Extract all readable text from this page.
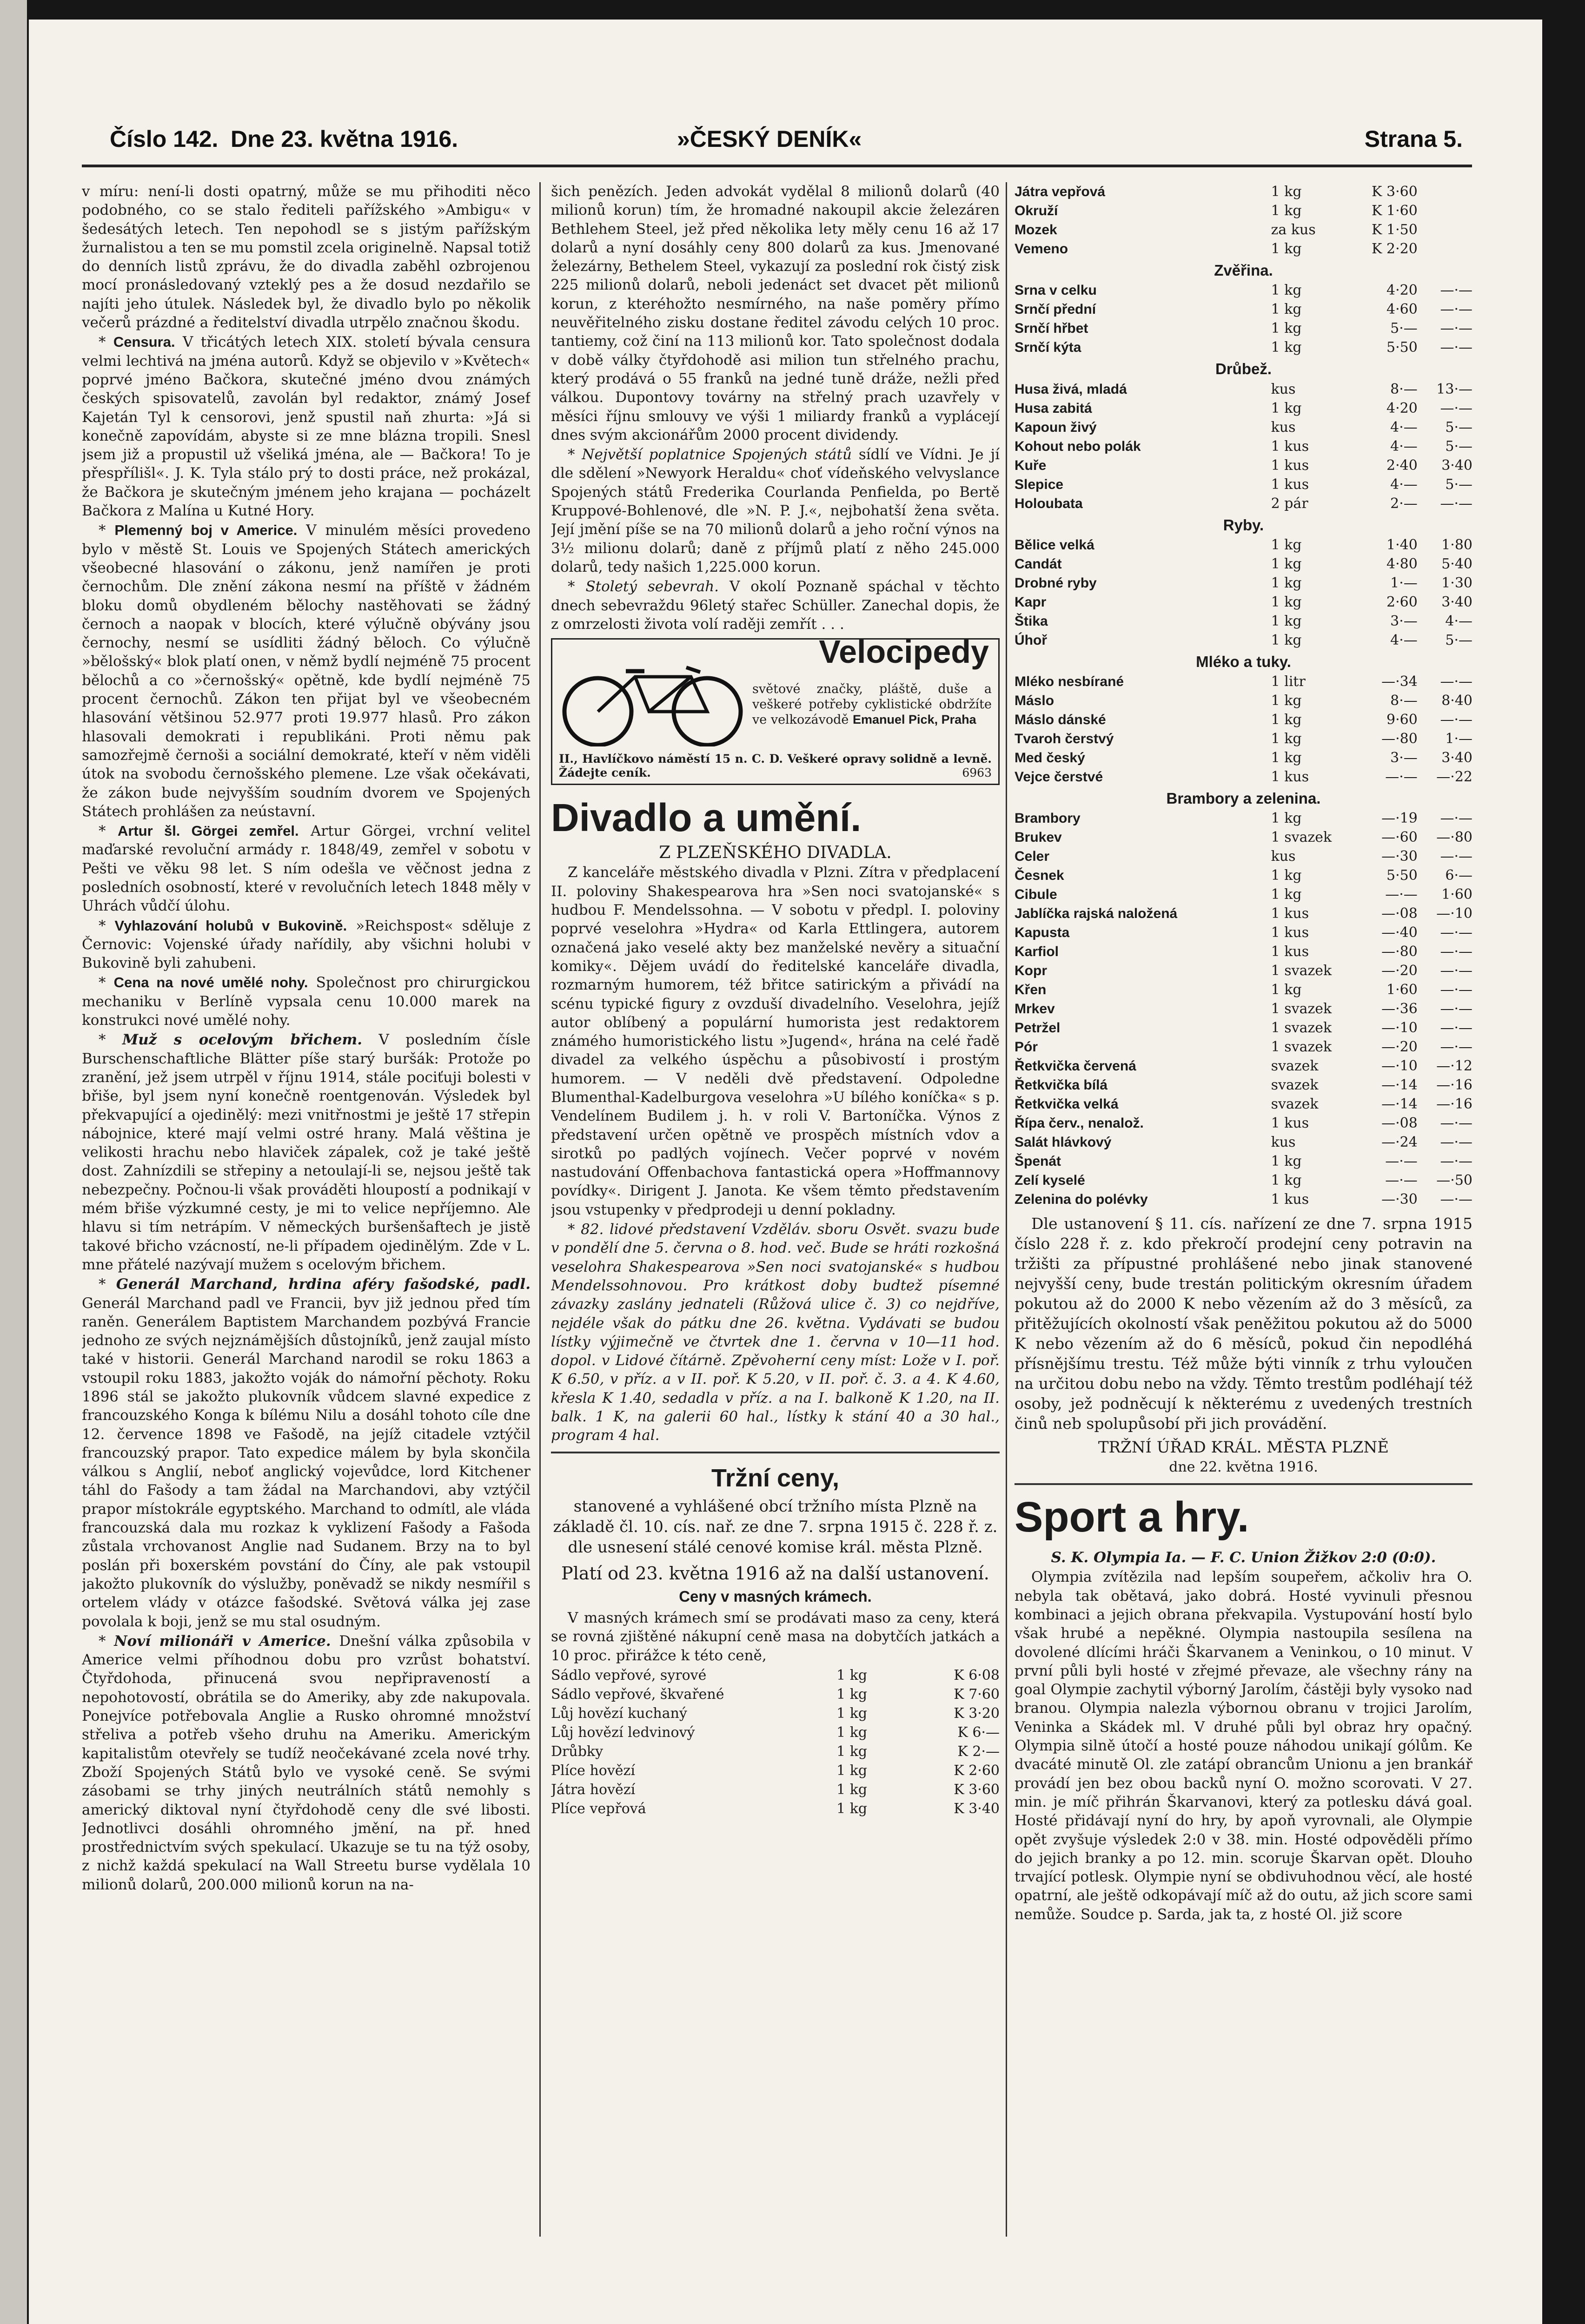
Číslo 142. Dne 23. května 1916.	»ČESKÝ DENÍK«	Strana 5.

v míru: není-li dosti opatrný, může se mu přihoditi něco podobného, co se stalo řediteli pařížského »Ambigu« v šedesátých letech. Ten nepohodl se s jistým pařížským žurnalistou a ten se mu pomstil zcela originelně. Napsal totiž do denních listů zprávu, že do divadla zaběhl ozbrojenou mocí pronásledovaný vzteklý pes a že dosud nezdařilo se najíti jeho útulek. Následek byl, že divadlo bylo po několik večerů prázdné a ředitelství divadla utrpělo značnou škodu.

* Censura. V třicátých letech XIX. století bývala censura velmi lechtivá na jména autorů. Když se objevilo v »Květech« poprvé jméno Bačkora, skutečné jméno dvou známých českých spisovatelů, zavolán byl redaktor, známý Josef Kajetán Tyl k censorovi, jenž spustil naň zhurta: »Já si konečně zapovídám, abyste si ze mne blázna tropili. Snesl jsem již a propustil už všeliká jména, ale — Bačkora! To je přespřílišl«. J. K. Tyla stálo prý to dosti práce, než prokázal, že Bačkora je skutečným jménem jeho krajana — pocházelt Bačkora z Malína u Kutné Hory.

* Plemenný boj v Americe. V minulém měsíci provedeno bylo v městě St. Louis ve Spojených Státech amerických všeobecné hlasování o zákonu, jenž namířen je proti černochům. Dle znění zákona nesmí na příště v žádném bloku domů obydleném bělochy nastěhovati se žádný černoch a naopak v blocích, které výlučně obývány jsou černochy, nesmí se usídliti žádný běloch. Co výlučně »bělošský« blok platí onen, v němž bydlí nejméně 75 procent bělochů a co »černošský« opětně, kde bydlí nejméně 75 procent černochů. Zákon ten přijat byl ve všeobecném hlasování většinou 52.977 proti 19.977 hlasů. Pro zákon hlasovali demokrati i republikáni. Proti němu pak samozřejmě černoši a sociální demokraté, kteří v něm viděli útok na svobodu černošského plemene. Lze však očekávati, že zákon bude nejvyšším soudním dvorem ve Spojených Státech prohlášen za neústavní.

* Artur šl. Görgei zemřel. Artur Görgei, vrchní velitel maďarské revoluční armády r. 1848/49, zemřel v sobotu v Pešti ve věku 98 let. S ním odešla ve věčnost jedna z posledních osobností, které v revolučních letech 1848 měly v Uhrách vůdčí úlohu.

* Vyhlazování holubů v Bukovině. »Reichspost« sděluje z Černovic: Vojenské úřady nařídily, aby všichni holubi v Bukovině byli zahubeni.

* Cena na nové umělé nohy. Společnost pro chirurgickou mechaniku v Berlíně vypsala cenu 10.000 marek na konstrukci nové umělé nohy.

* Muž s ocelovým břichem. V posledním čísle Burschenschaftliche Blätter píše starý buršák: Protože po zranění, jež jsem utrpěl v říjnu 1914, stále pociťuji bolesti v břiše, byl jsem nyní konečně roentgenován. Výsledek byl překvapující a ojedinělý: mezi vnitřnostmi je ještě 17 střepin nábojnice, které mají velmi ostré hrany. Malá věština je velikosti hrachu nebo hlaviček zápalek, což je také ještě dost. Zahnízdili se střepiny a netoulají-li se, nejsou ještě tak nebezpečny. Počnou-li však prováděti hloupostí a podnikají v mém břiše výzkumné cesty, je mi to velice nepříjemno. Ale hlavu si tím netrápím. V německých buršenšaftech je jistě takové břicho vzácností, ne-li případem ojedinělým. Zde v L. mne přátelé nazývají mužem s ocelovým břichem.

* Generál Marchand, hrdina aféry fašodské, padl. Generál Marchand padl ve Francii, byv již jednou před tím raněn. Generálem Baptistem Marchandem pozbývá Francie jednoho ze svých nejznámějších důstojníků, jenž zaujal místo také v historii. Generál Marchand narodil se roku 1863 a vstoupil roku 1883, jakožto voják do námořní pěchoty. Roku 1896 stál se jakožto plukovník vůdcem slavné expedice z francouzského Konga k bílému Nilu a dosáhl tohoto cíle dne 12. července 1898 ve Fašodě, na jejíž citadele vztýčil francouzský prapor. Tato expedice málem by byla skončila válkou s Anglií, neboť anglický vojevůdce, lord Kitchener táhl do Fašody a tam žádal na Marchandovi, aby vztýčil prapor místokrále egyptského. Marchand to odmítl, ale vláda francouzská dala mu rozkaz k vyklizení Fašody a Fašoda zůstala vrchovanost Anglie nad Sudanem. Brzy na to byl poslán při boxerském povstání do Číny, ale pak vstoupil jakožto plukovník do výslužby, poněvadž se nikdy nesmířil s ortelem vlády v otázce fašodské. Světová válka jej zase povolala k boji, jenž se mu stal osudným.

* Noví milionáři v Americe. Dnešní válka způsobila v Americe velmi příhodnou dobu pro vzrůst bohatství. Čtyřdohoda, přinucená svou nepřipraveností a nepohotovostí, obrátila se do Ameriky, aby zde nakupovala. Ponejvíce potřebovala Anglie a Rusko ohromné množství střeliva a potřeb všeho druhu na Ameriku. Americkým kapitalistům otevřely se tudíž neočekávané zcela nové trhy. Zboží Spojených Států bylo ve vysoké ceně. Se svými zásobami se trhy jiných neutrálních států nemohly s americký diktoval nyní čtyřdohodě ceny dle své libosti. Jednotlivci dosáhli ohromného jmění, na př. hned prostřednictvím svých spekulací. Ukazuje se tu na týž osoby, z nichž každá spekulací na Wall Streetu burse vydělala 10 milionů dolarů, 200.000 milionů korun na na-

šich penězích. Jeden advokát vydělal 8 milionů dolarů (40 milionů korun) tím, že hromadné nakoupil akcie železáren Bethlehem Steel, jež před několika lety měly cenu 16 až 17 dolarů a nyní dosáhly ceny 800 dolarů za kus. Jmenované železárny, Bethelem Steel, vykazují za poslední rok čistý zisk 225 milionů dolarů, neboli jedenáct set dvacet pět milionů korun, z kteréhožto nesmírného, na naše poměry přímo neuvěřitelného zisku dostane ředitel závodu celých 10 proc. tantiemy, což činí na 113 milionů kor. Tato společnost dodala v době války čtyřdohodě asi milion tun střelného prachu, který prodává o 55 franků na jedné tuně dráže, nežli před válkou. Dupontovy továrny na střelný prach uzavřely v měsíci říjnu smlouvy ve výši 1 miliardy franků a vyplácejí dnes svým akcionářům 2000 procent dividendy.

* Největší poplatnice Spojených států sídlí ve Vídni. Je jí dle sdělení »Newyork Heraldu« choť vídeňského velvyslance Spojených států Frederika Courlanda Penfielda, po Bertě Kruppové-Bohlenové, dle »N. P. J.«, nejbohatší žena světa. Její jmění píše se na 70 milionů dolarů a jeho roční výnos na 3½ milionu dolarů; daně z příjmů platí z něho 245.000 dolarů, tedy našich 1,225.000 korun.

* Stoletý sebevrah. V okolí Poznaně spáchal v těchto dnech sebevraždu 96letý stařec Schüller. Zanechal dopis, že z omrzelosti života volí raději zemřít . . .

Velocipedy
světové značky, pláště, duše a veškeré potřeby cyklistické obdržíte ve velkozávodě Emanuel Pick, Praha
II., Havlíčkovo náměstí 15 n. C. D. Veškeré opravy solidně a levně. Žádejte ceník.	6963
Divadlo a umění.

Z PLZEŇSKÉHO DIVADLA.

Z kanceláře městského divadla v Plzni. Zítra v předplacení II. poloviny Shakespearova hra »Sen noci svatojanské« s hudbou F. Mendelssohna. — V sobotu v předpl. I. poloviny poprvé veselohra »Hydra« od Karla Ettlingera, autorem označená jako veselé akty bez manželské nevěry a situační komiky«. Dějem uvádí do ředitelské kanceláře divadla, rozmarným humorem, též břitce satirickým a přivádí na scénu typické figury z ovzduší divadelního. Veselohra, jejíž autor oblíbený a populární humorista jest redaktorem známého humoristického listu »Jugend«, hrána na celé řadě divadel za velkého úspěchu a působivostí i prostým humorem. — V neděli dvě představení. Odpoledne Blumenthal-Kadelburgova veselohra »U bílého koníčka« s p. Vendelínem Budilem j. h. v roli V. Bartoníčka. Výnos z představení určen opětně ve prospěch místních vdov a sirotků po padlých vojínech. Večer poprvé v novém nastudování Offenbachova fantastická opera »Hoffmannovy povídky«. Dirigent J. Janota. Ke všem těmto představením jsou vstupenky v předprodeji u denní pokladny.

* 82. lidové představení Vzděláv. sboru Osvět. svazu bude v pondělí dne 5. června o 8. hod. več. Bude se hráti rozkošná veselohra Shakespearova »Sen noci svatojanské« s hudbou Mendelssohnovou. Pro krátkost doby budtež písemné závazky zaslány jednateli (Růžová ulice č. 3) co nejdříve, nejdéle však do pátku dne 26. května. Vydávati se budou lístky výjimečně ve čtvrtek dne 1. června v 10—11 hod. dopol. v Lidové čítárně. Zpěvoherní ceny míst: Lože v I. poř. K 6.50, v příz. a v II. poř. K 5.20, v II. poř. č. 3. a 4. K 4.60, křesla K 1.40, sedadla v příz. a na I. balkoně K 1.20, na II. balk. 1 K, na galerii 60 hal., lístky k stání 40 a 30 hal., program 4 hal.

Tržní ceny,

stanovené a vyhlášené obcí tržního místa Plzně na základě čl. 10. cís. nař. ze dne 7. srpna 1915 č. 228 ř. z. dle usnesení stálé cenové komise král. města Plzně.

Platí od 23. května 1916 až na další ustanovení.

Ceny v masných krámech.

V masných krámech smí se prodávati maso za ceny, která se rovná zjištěné nákupní ceně masa na dobytčích jatkách a 10 proc. přirážce k této ceně,

Sádlo vepřové, syrové	1 kg	K 6·08
Sádlo vepřové, škvařené	1 kg	K 7·60
Lůj hovězí kuchaný	1 kg	K 3·20
Lůj hovězí ledvinový	1 kg	K 6·—
Drůbky	1 kg	K 2·—
Plíce hovězí	1 kg	K 2·60
Játra hovězí	1 kg	K 3·60
Plíce vepřová	1 kg	K 3·40
Játra vepřová	1 kg	K 3·60	
Okruží	1 kg	K 1·60	
Mozek	za kus	K 1·50	
Vemeno	1 kg	K 2·20	
Zvěřina.
Srna v celku	1 kg	4·20	—·—
Srnčí přední	1 kg	4·60	—·—
Srnčí hřbet	1 kg	5·—	—·—
Srnčí kýta	1 kg	5·50	—·—
Drůbež.
Husa živá, mladá	kus	8·—	13·—
Husa zabitá	1 kg	4·20	—·—
Kapoun živý	kus	4·—	5·—
Kohout nebo polák	1 kus	4·—	5·—
Kuře	1 kus	2·40	3·40
Slepice	1 kus	4·—	5·—
Holoubata	2 pár	2·—	—·—
Ryby.
Bělice velká	1 kg	1·40	1·80
Candát	1 kg	4·80	5·40
Drobné ryby	1 kg	1·—	1·30
Kapr	1 kg	2·60	3·40
Štika	1 kg	3·—	4·—
Úhoř	1 kg	4·—	5·—
Mléko a tuky.
Mléko nesbírané	1 litr	—·34	—·—
Máslo	1 kg	8·—	8·40
Máslo dánské	1 kg	9·60	—·—
Tvaroh čerstvý	1 kg	—·80	1·—
Med český	1 kg	3·—	3·40
Vejce čerstvé	1 kus	—·—	—·22
Brambory a zelenina.
Brambory	1 kg	—·19	—·—
Brukev	1 svazek	—·60	—·80
Celer	kus	—·30	—·—
Česnek	1 kg	5·50	6·—
Cibule	1 kg	—·—	1·60
Jablíčka rajská naložená	1 kus	—·08	—·10
Kapusta	1 kus	—·40	—·—
Karfiol	1 kus	—·80	—·—
Kopr	1 svazek	—·20	—·—
Křen	1 kg	1·60	—·—
Mrkev	1 svazek	—·36	—·—
Petržel	1 svazek	—·10	—·—
Pór	1 svazek	—·20	—·—
Řetkvička červená	svazek	—·10	—·12
Řetkvička bílá	svazek	—·14	—·16
Řetkvička velká	svazek	—·14	—·16
Řípa červ., nenalož.	1 kus	—·08	—·—
Salát hlávkový	kus	—·24	—·—
Špenát	1 kg	—·—	—·—
Zelí kyselé	1 kg	—·—	—·50
Zelenina do polévky	1 kus	—·30	—·—

Dle ustanovení § 11. cís. nařízení ze dne 7. srpna 1915 číslo 228 ř. z. kdo překročí prodejní ceny potravin na tržišti za přípustné prohlášené nebo jinak stanovené nejvyšší ceny, bude trestán politickým okresním úřadem pokutou až do 2000 K nebo vězením až do 3 měsíců, za přitěžujících okolností však peněžitou pokutou až do 5000 K nebo vězením až do 6 měsíců, pokud čin nepodléhá přísnějšímu trestu. Též může býti vinník z trhu vyloučen na určitou dobu nebo na vždy. Těmto trestům podléhají též osoby, jež podněcují k některému z uvedených trestních činů neb spolupůsobí při jich provádění.

TRŽNÍ ÚŘAD KRÁL. MĚSTA PLZNĚ

dne 22. května 1916.

Sport a hry.

S. K. Olympia Ia. — F. C. Union Žižkov 2:0 (0:0).

Olympia zvítězila nad lepším soupeřem, ačkoliv hra O. nebyla tak obětavá, jako dobrá. Hosté vyvinuli přesnou kombinaci a jejich obrana překvapila. Vystupování hostí bylo však hrubé a nepěkné. Olympia nastoupila sesílena na dovolené dlícími hráči Škarvanem a Veninkou, o 10 minut. V první půli byli hosté v zřejmé převaze, ale všechny rány na goal Olympie zachytil výborný Jarolím, částěji byly vysoko nad branou. Olympia nalezla výbornou obranu v trojici Jarolím, Veninka a Skádek ml. V druhé půli byl obraz hry opačný. Olympia silně útočí a hosté pouze náhodou unikají gólům. Ke dvacáté minutě Ol. zle zatápí obrancům Unionu a jen brankář provádí jen bez obou backů nyní O. možno scorovati. V 27. min. je míč přihrán Škarvanovi, který za potlesku dává goal. Hosté přidávají nyní do hry, by apoň vyrovnali, ale Olympie opět zvyšuje výsledek 2:0 v 38. min. Hosté odpověděli přímo do jejich branky a po 12. min. scoruje Škarvan opět. Dlouho trvající potlesk. Olympie nyní se obdivuhodnou věcí, ale hosté opatrní, ale ještě odkopávají míč až do outu, až jich score sami nemůže. Soudce p. Sarda, jak ta, z hosté Ol. již score
